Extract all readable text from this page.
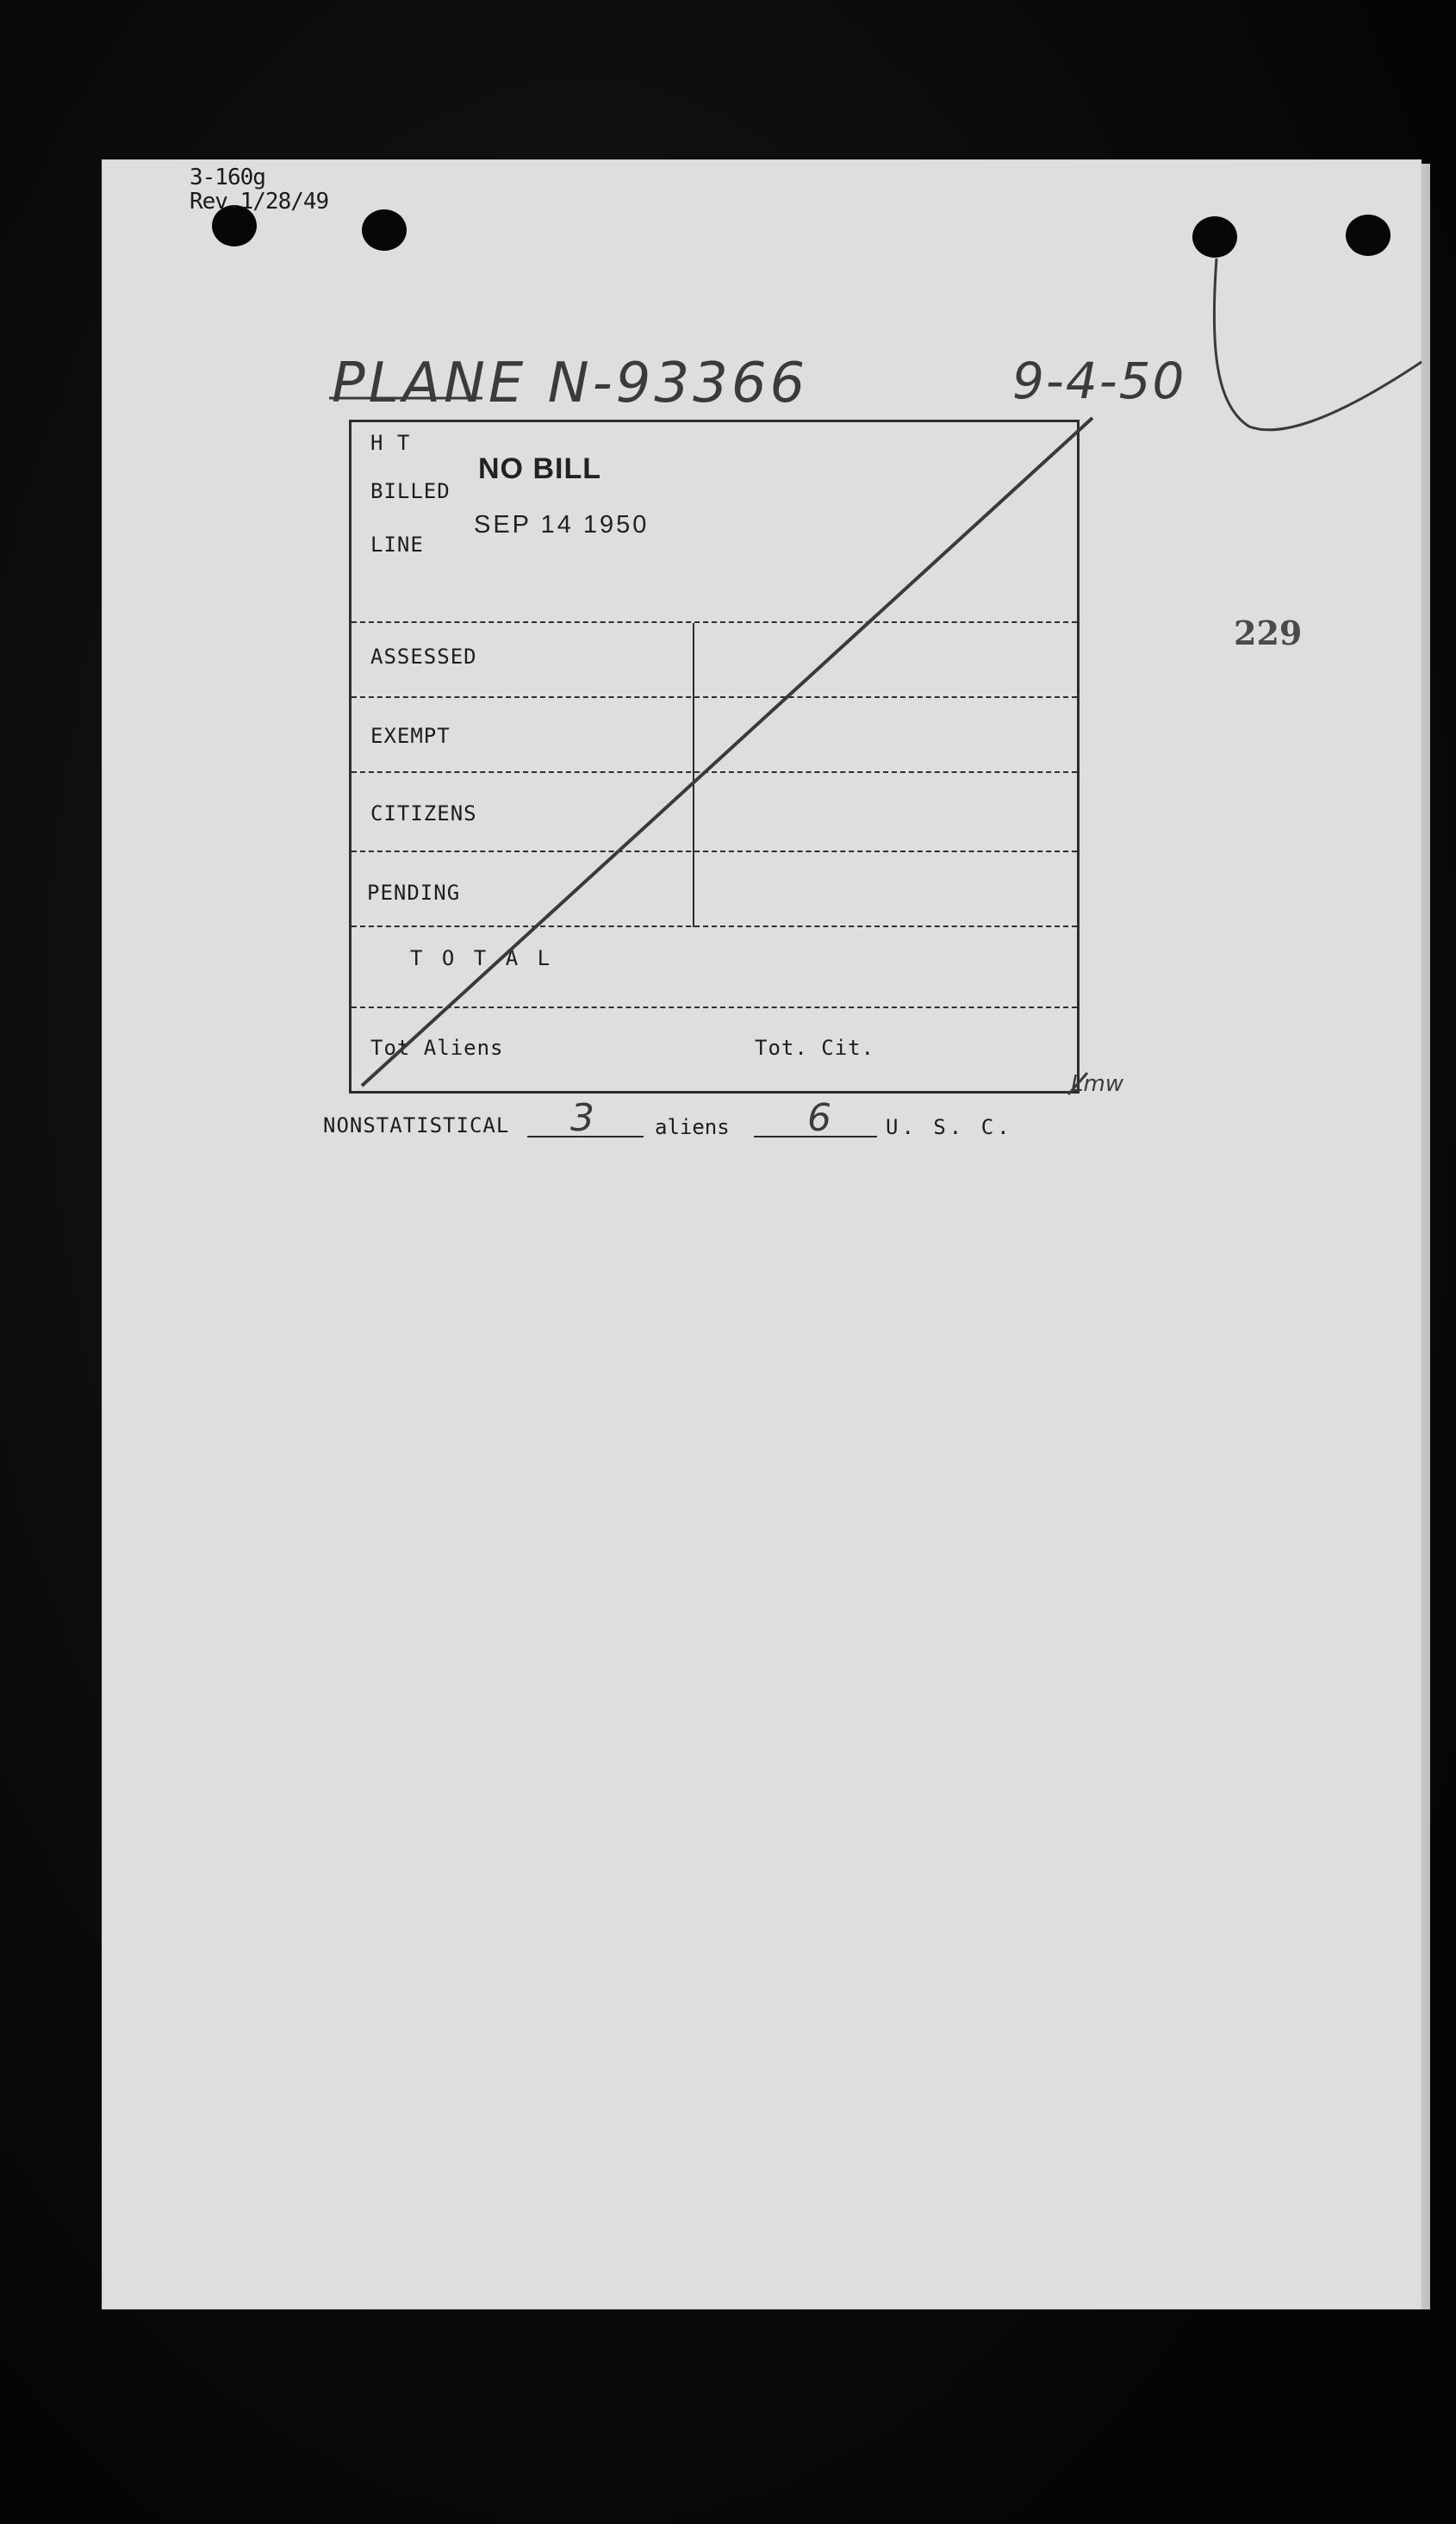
3-160g
Rev.1/28/49
PLANE N-93366	9-4-50
229
H T
BILLED
LINE
ASSESSED
EXEMPT
CITIZENS
PENDING
T O T A L
Tot Aliens	Tot. Cit.
NO BILL
SEP 14 1950
Lmw
NONSTATISTICAL 3	aliens 6	U. S. C.
